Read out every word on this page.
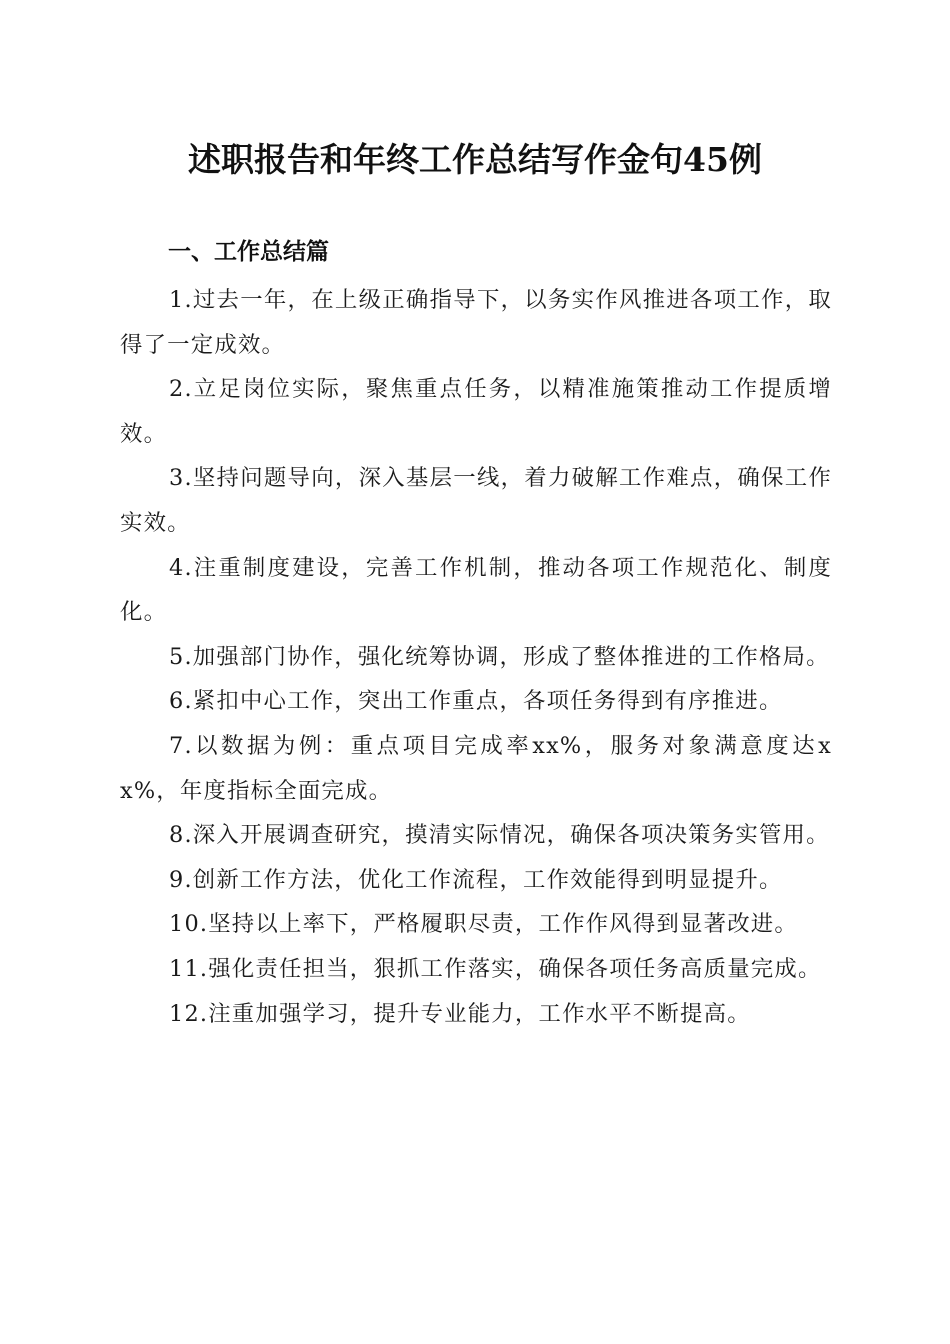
述职报告和年终工作总结写作金句45例
一、工作总结篇

1.过去一年，在上级正确指导下，以务实作风推进各项工作，取得了一定成效。

2.立足岗位实际，聚焦重点任务，以精准施策推动工作提质增效。

3.坚持问题导向，深入基层一线，着力破解工作难点，确保工作实效。

4.注重制度建设，完善工作机制，推动各项工作规范化、制度化。

5.加强部门协作，强化统筹协调，形成了整体推进的工作格局。

6.紧扣中心工作，突出工作重点，各项任务得到有序推进。

7.以数据为例：重点项目完成率xx%，服务对象满意度达xx%，年度指标全面完成。

8.深入开展调查研究，摸清实际情况，确保各项决策务实管用。

9.创新工作方法，优化工作流程，工作效能得到明显提升。

10.坚持以上率下，严格履职尽责，工作作风得到显著改进。

11.强化责任担当，狠抓工作落实，确保各项任务高质量完成。

12.注重加强学习，提升专业能力，工作水平不断提高。
